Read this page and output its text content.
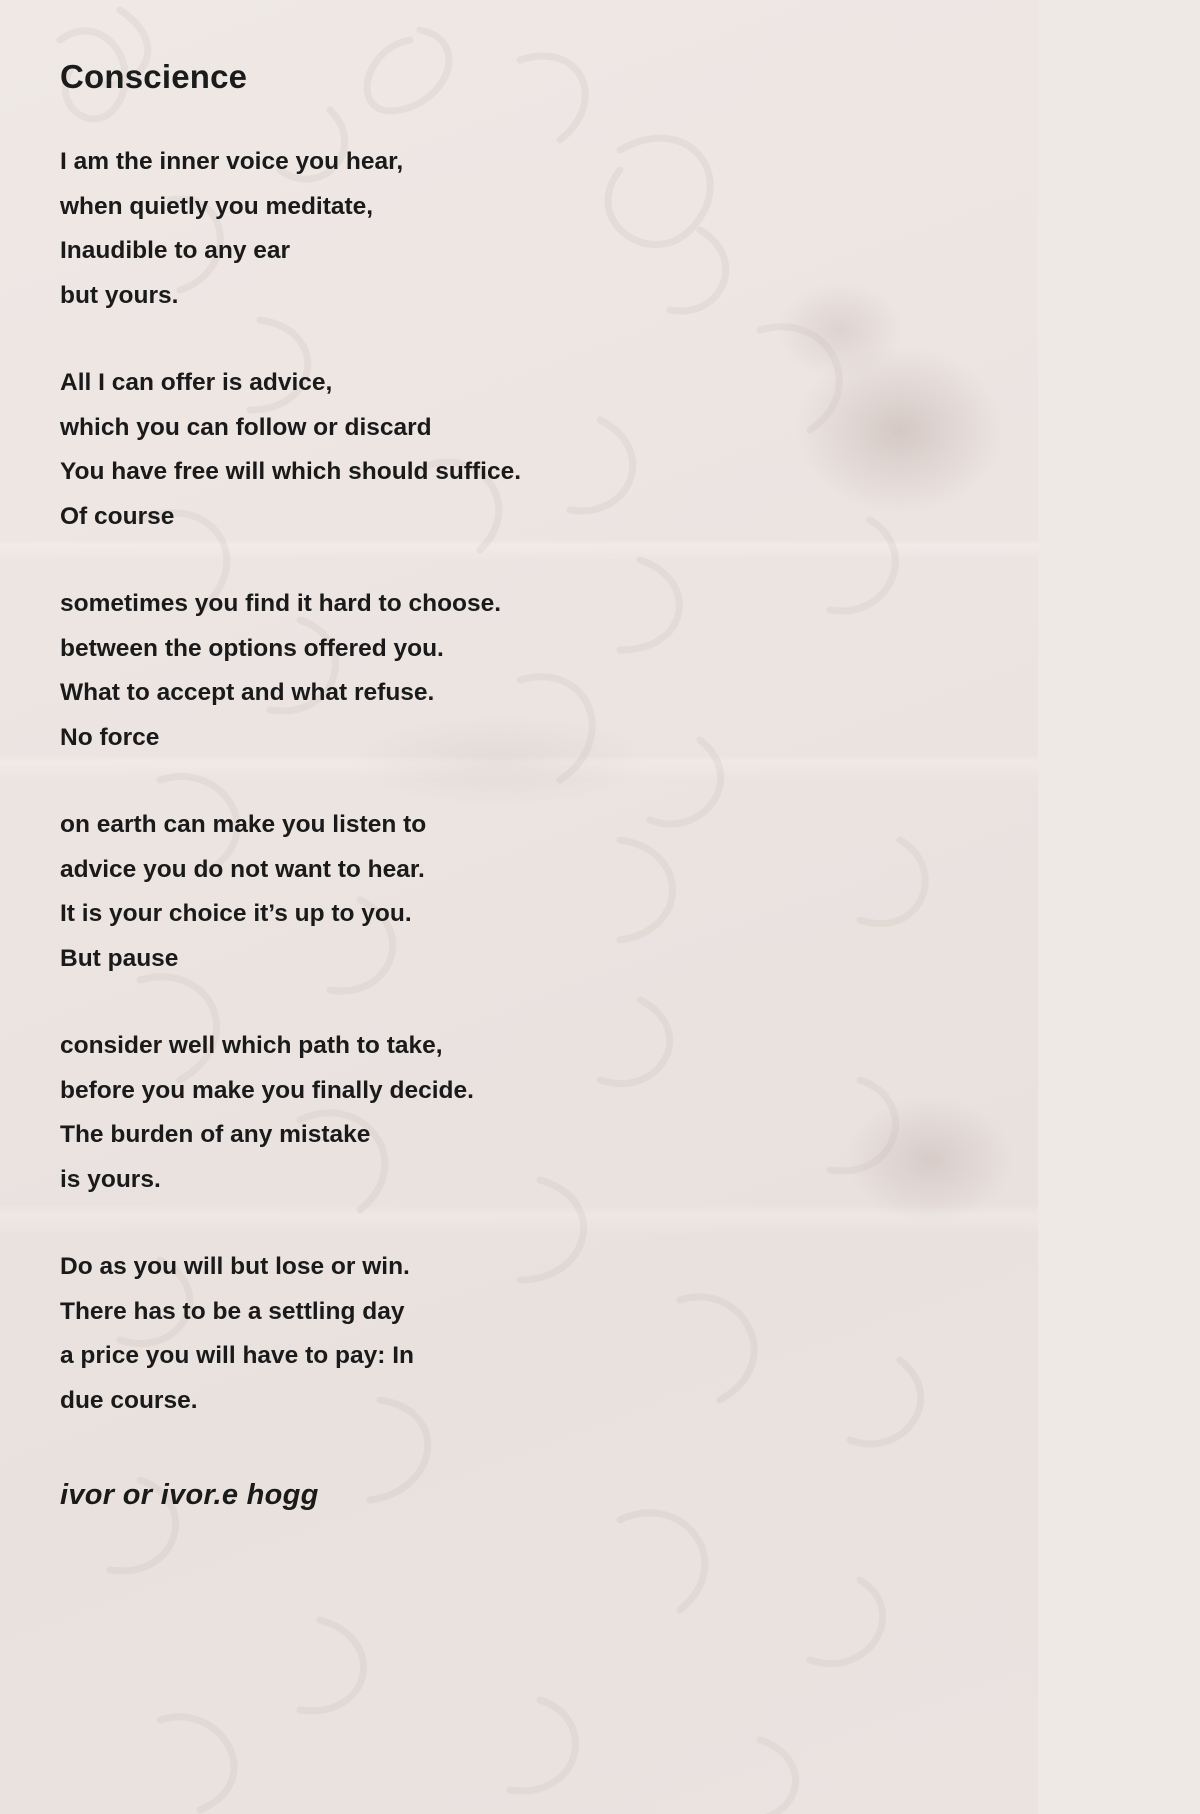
Conscience
I am the inner voice you hear,
when quietly you meditate,
Inaudible to any ear
but yours.
All I can offer is advice,
which you can follow or discard
You have free will which should suffice.
Of course
sometimes you find it hard to choose.
between the options offered you.
What to accept and what refuse.
No force
on earth can make you listen to
advice you do not want to hear.
It is your choice it’s up to you.
But pause
consider well which path to take,
before you make you finally decide.
The burden of any mistake
is yours.
Do as you will but lose or win.
There has to be a settling day
a price you will have to pay: In
due course.
ivor or ivor.e hogg
